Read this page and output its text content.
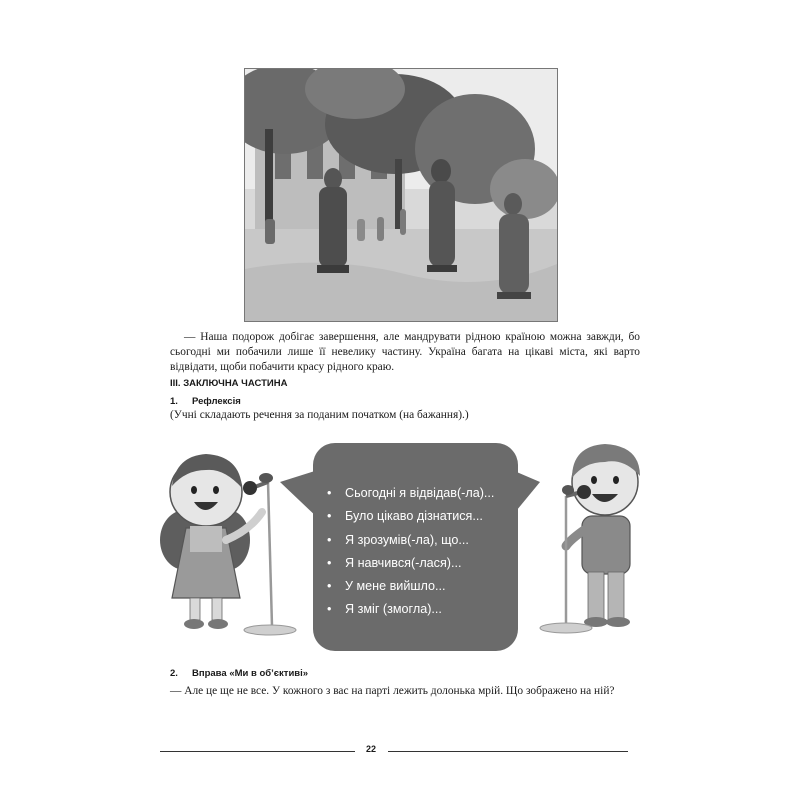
— Наша подорож добігає завершення, але мандрувати рідною країною можна завжди, бо сьогодні ми побачили лише її невелику частину. Україна багата на цікаві міста, які варто відвідати, щоби побачити красу рідного краю.

III. ЗАКЛЮЧНА ЧАСТИНА
1. Рефлексія

(Учні складають речення за поданим початком (на бажання).)

• Сьогодні я відвідав(-ла)...
• Було цікаво дізнатися...
• Я зрозумів(-ла), що...
• Я навчився(-лася)...
• У мене вийшло...
• Я зміг (змогла)...
2. Вправа «Ми в об’єктиві»

— Але це ще не все. У кожного з вас на парті лежить долонька мрій. Що зображено на ній?

22
